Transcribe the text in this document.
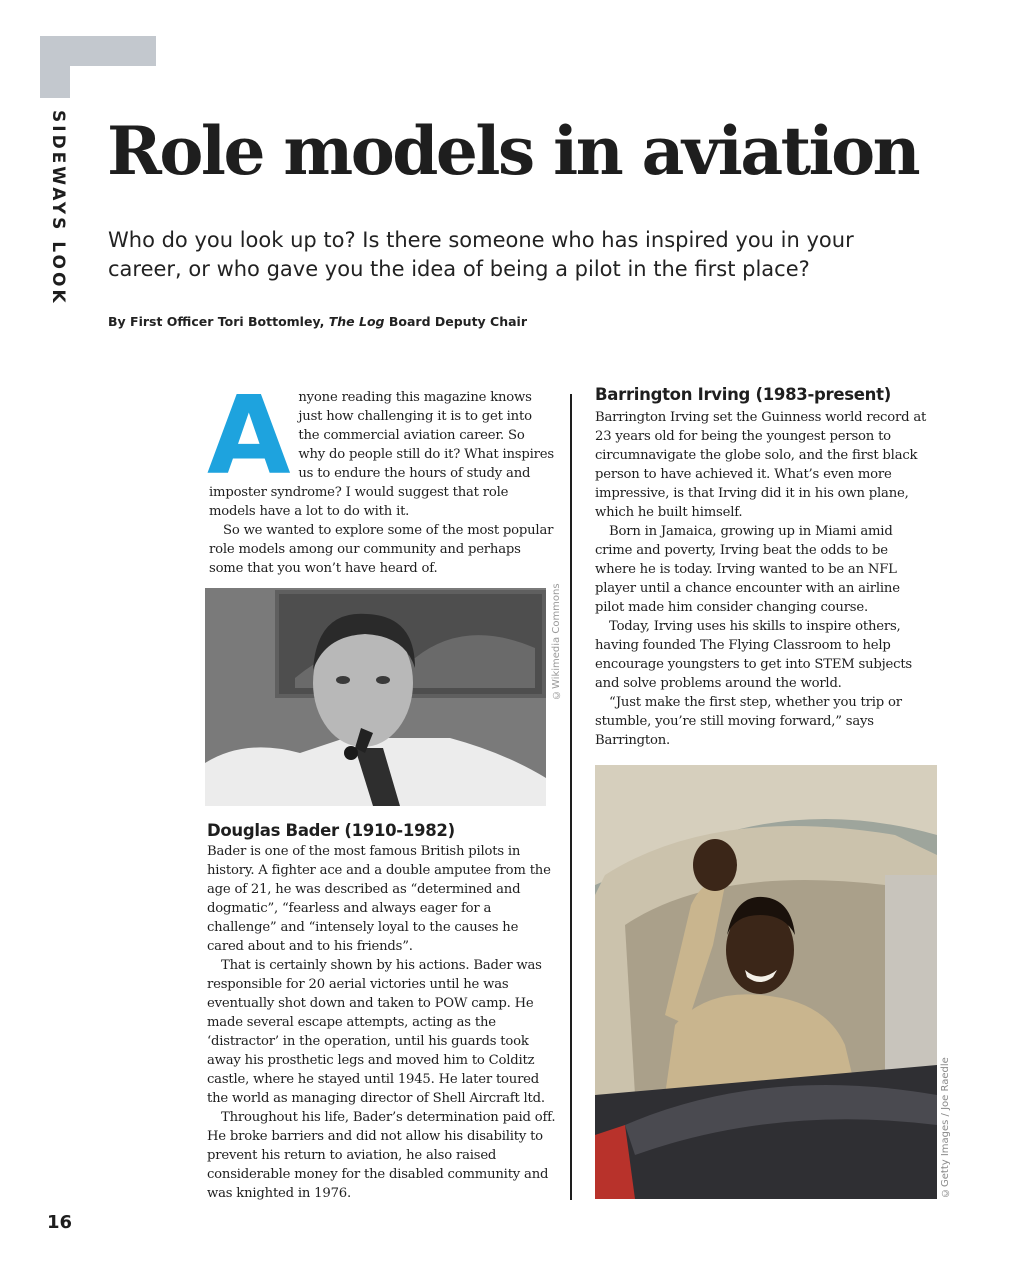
SIDEWAYS LOOK Role models in aviation

Who do you look up to? Is there someone who has inspired you in your career, or who gave you the idea of being a pilot in the first place?

By First Officer Tori Bottomley, The Log Board Deputy Chair

A nyone reading this magazine knows just how challenging it is to get into the commercial aviation career. So why do people still do it? What inspires us to endure the hours of study and imposter syndrome? I would suggest that role models have a lot to do with it.

So we wanted to explore some of the most popular role models among our community and perhaps some that you won’t have heard of.

©Wikimedia Commons
Douglas Bader (1910-1982)

Bader is one of the most famous British pilots in history. A fighter ace and a double amputee from the age of 21, he was described as “determined and dogmatic”, “fearless and always eager for a challenge” and “intensely loyal to the causes he cared about and to his friends”.

That is certainly shown by his actions. Bader was responsible for 20 aerial victories until he was eventually shot down and taken to POW camp. He made several escape attempts, acting as the ‘distractor’ in the operation, until his guards took away his prosthetic legs and moved him to Colditz castle, where he stayed until 1945. He later toured the world as managing director of Shell Aircraft ltd.

Throughout his life, Bader’s determination paid off. He broke barriers and did not allow his disability to prevent his return to aviation, he also raised considerable money for the disabled community and was knighted in 1976.

Barrington Irving (1983-present)

Barrington Irving set the Guinness world record at 23 years old for being the youngest person to circumnavigate the globe solo, and the first black person to have achieved it. What’s even more impressive, is that Irving did it in his own plane, which he built himself.

Born in Jamaica, growing up in Miami amid crime and poverty, Irving beat the odds to be where he is today. Irving wanted to be an NFL player until a chance encounter with an airline pilot made him consider changing course.

Today, Irving uses his skills to inspire others, having founded The Flying Classroom to help encourage youngsters to get into STEM subjects and solve problems around the world.

“Just make the first step, whether you trip or stumble, you’re still moving forward,” says Barrington.

©Getty Images / Joe Raedle

16
